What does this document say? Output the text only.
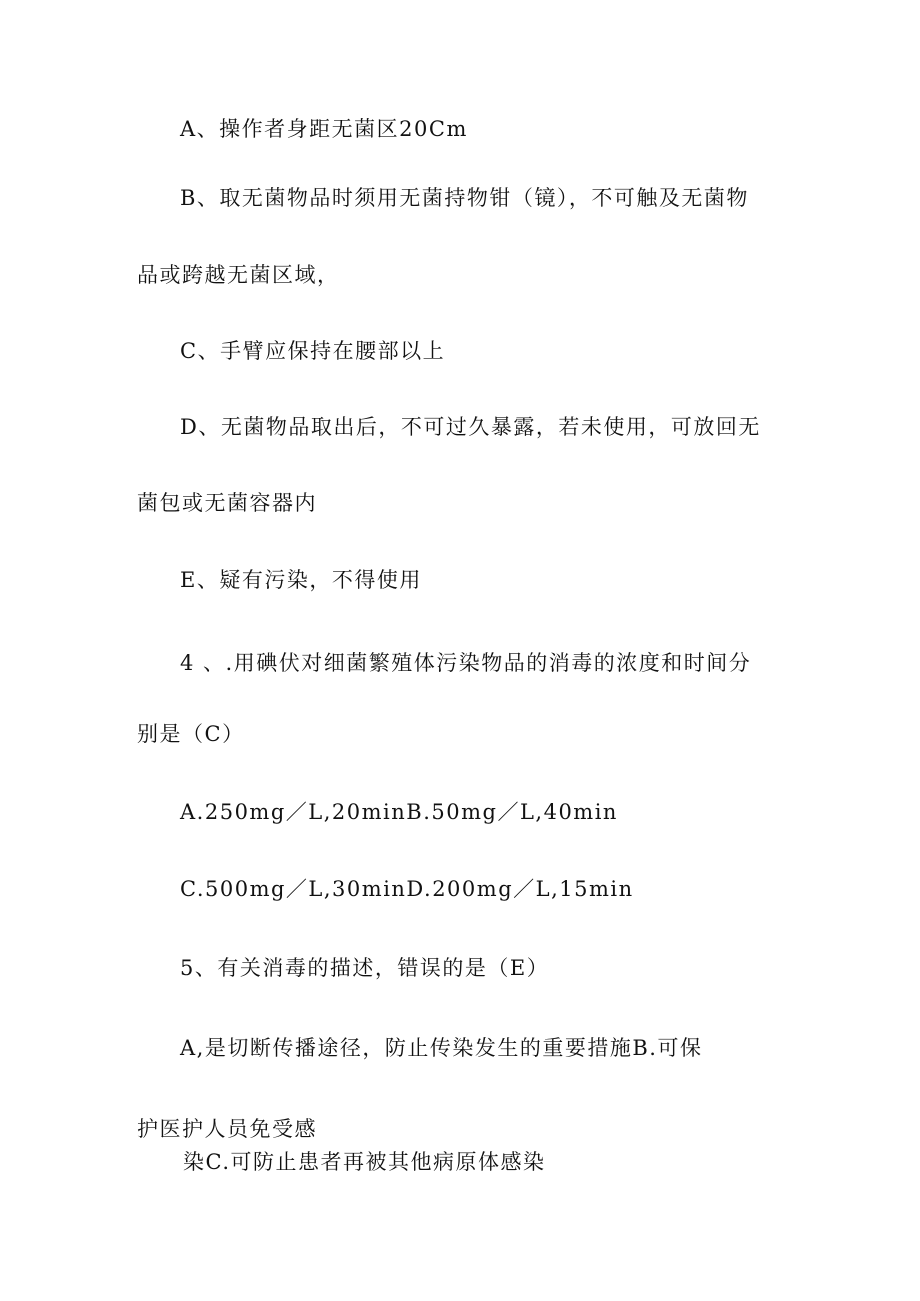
A、操作者身距无菌区20Cm
B、取无菌物品时须用无菌持物钳（镜），不可触及无菌物
品或跨越无菌区域，
C、手臂应保持在腰部以上
D、无菌物品取出后，不可过久暴露，若未使用，可放回无
菌包或无菌容器内
E、疑有污染，不得使用
4 、.用碘伏对细菌繁殖体污染物品的消毒的浓度和时间分
别是（C）
A.250mg／L,20minB.50mg／L,40min
C.500mg／L,30minD.200mg／L,15min
5、有关消毒的描述，错误的是（E）
A,是切断传播途径，防止传染发生的重要措施B.可保
护医护人员免受感
染C.可防止患者再被其他病原体感染
